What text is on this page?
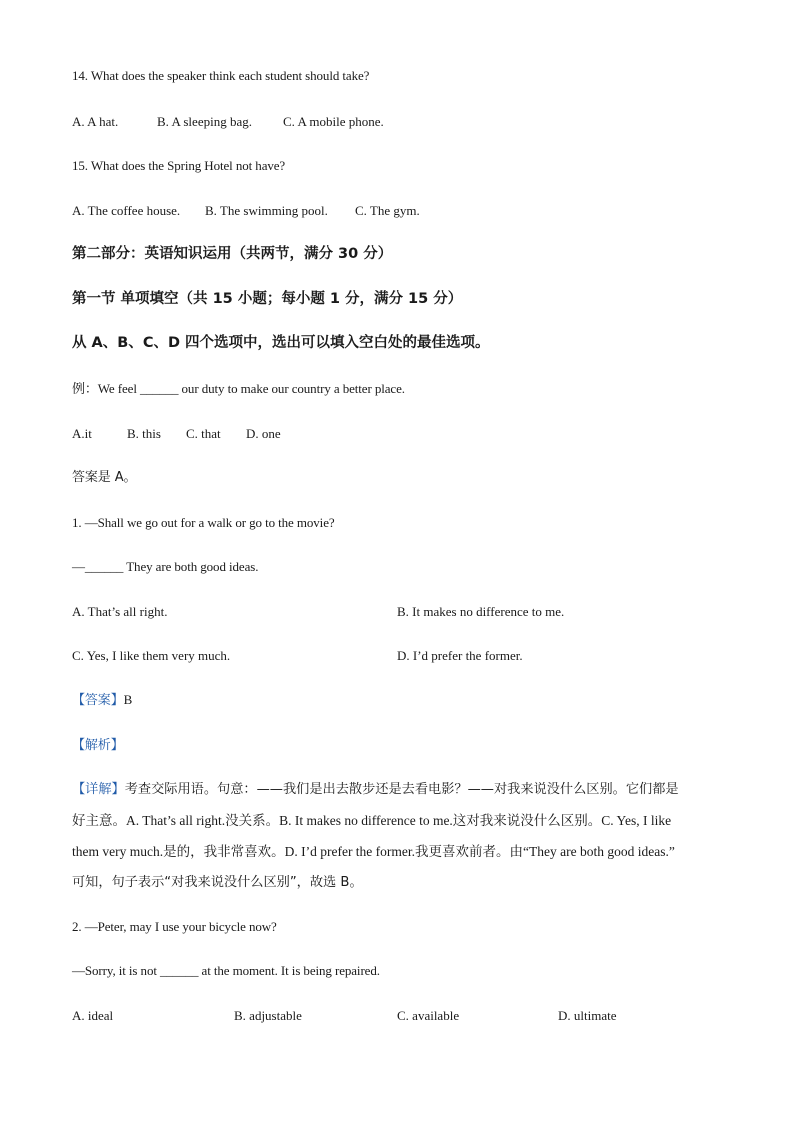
14. What does the speaker think each student should take?
A. A hat.	B. A sleeping bag. C. A mobile phone.
15. What does the Spring Hotel not have?
A. The coffee house. B. The swimming pool. C. The gym.
第二部分：英语知识运用（共两节，满分 30 分）
第一节 单项填空（共 15 小题；每小题 1 分，满分 15 分）
从 A、B、C、D 四个选项中，选出可以填入空白处的最佳选项。
例：We feel ______ our duty to make our country a better place.
A.it	B. this C. that D. one
答案是 A。
1. —Shall we go out for a walk or go to the movie?
—______ They are both good ideas.
A. That’s all right.	B. It makes no difference to me.
C. Yes, I like them very much.	D. I’d prefer the former.
【答案】B
【解析】
【详解】考查交际用语。句意：——我们是出去散步还是去看电影？——对我来说没什么区别。它们都是
好主意。A. That’s all right.没关系。B. It makes no difference to me.这对我来说没什么区别。C. Yes, I like
them very much.是的，我非常喜欢。D. I’d prefer the former.我更喜欢前者。由“They are both good ideas.”
可知，句子表示“对我来说没什么区别”，故选 B。
2. —Peter, may I use your bicycle now?
—Sorry, it is not ______ at the moment. It is being repaired.
A. ideal	B. adjustable	C. available	D. ultimate
